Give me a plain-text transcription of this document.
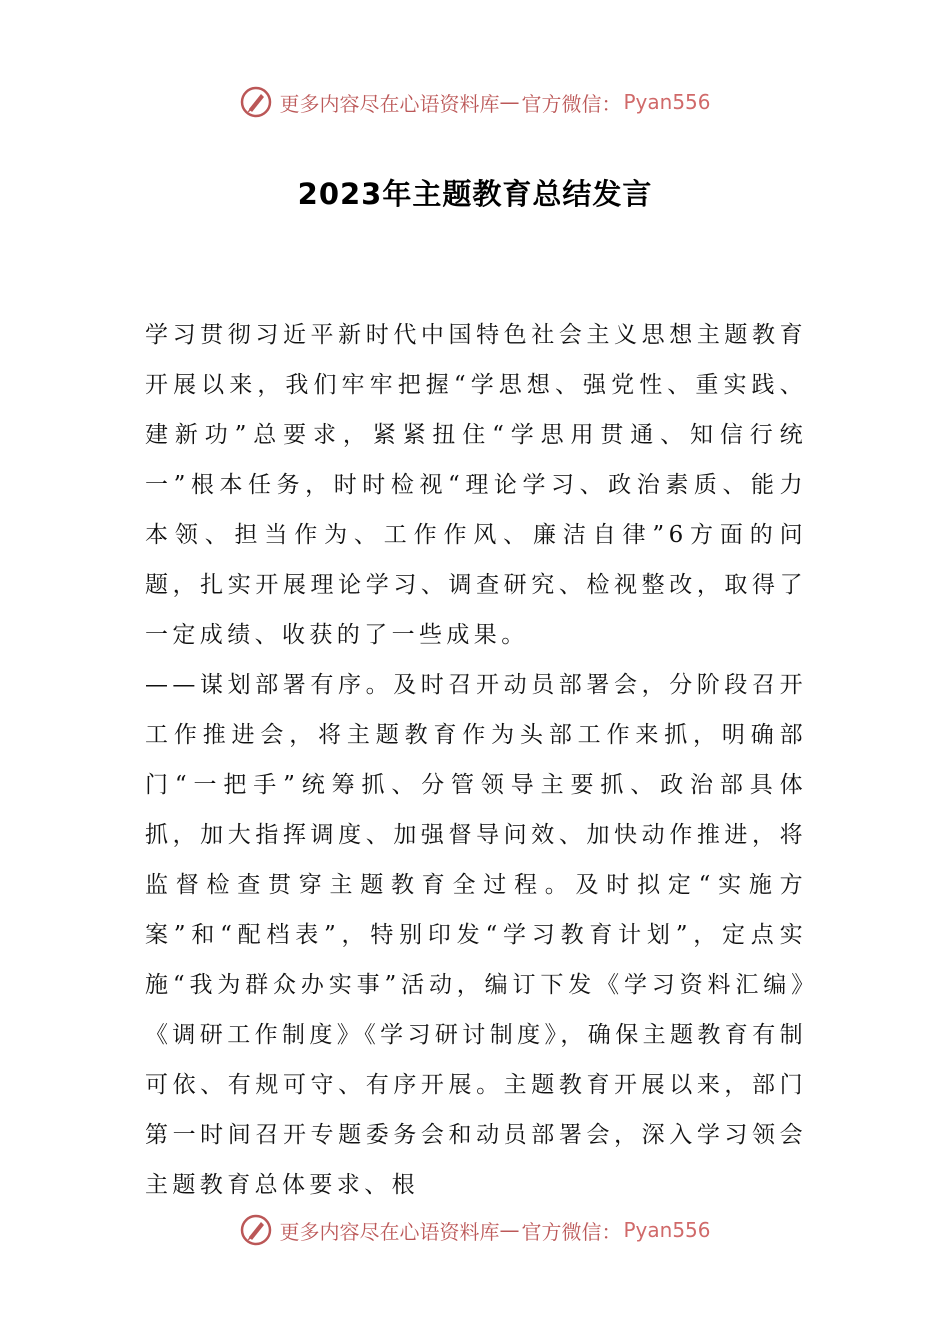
更多内容尽在心语资料库 — 官方微信： Pyan556
2023年主题教育总结发言

学习贯彻习近平新时代中国特色社会主义思想主题教育开展以来，我们牢牢把握“学思想、强党性、重实践、建新功”总要求，紧紧扭住“学思用贯通、知信行统一”根本任务，时时检视“理论学习、政治素质、能力本领、担当作为、工作作风、廉洁自律”6方面的问题，扎实开展理论学习、调查研究、检视整改，取得了一定成绩、收获的了一些成果。

——谋划部署有序。及时召开动员部署会，分阶段召开工作推进会，将主题教育作为头部工作来抓，明确部门“一把手”统筹抓、分管领导主要抓、政治部具体抓，加大指挥调度、加强督导问效、加快动作推进，将监督检查贯穿主题教育全过程。及时拟定“实施方案”和“配档表”，特别印发“学习教育计划”，定点实施“我为群众办实事”活动，编订下发《学习资料汇编》《调研工作制度》《学习研讨制度》，确保主题教育有制可依、有规可守、有序开展。主题教育开展以来，部门第一时间召开专题委务会和动员部署会，深入学习领会主题教育总体要求、根

更多内容尽在心语资料库 — 官方微信： Pyan556
